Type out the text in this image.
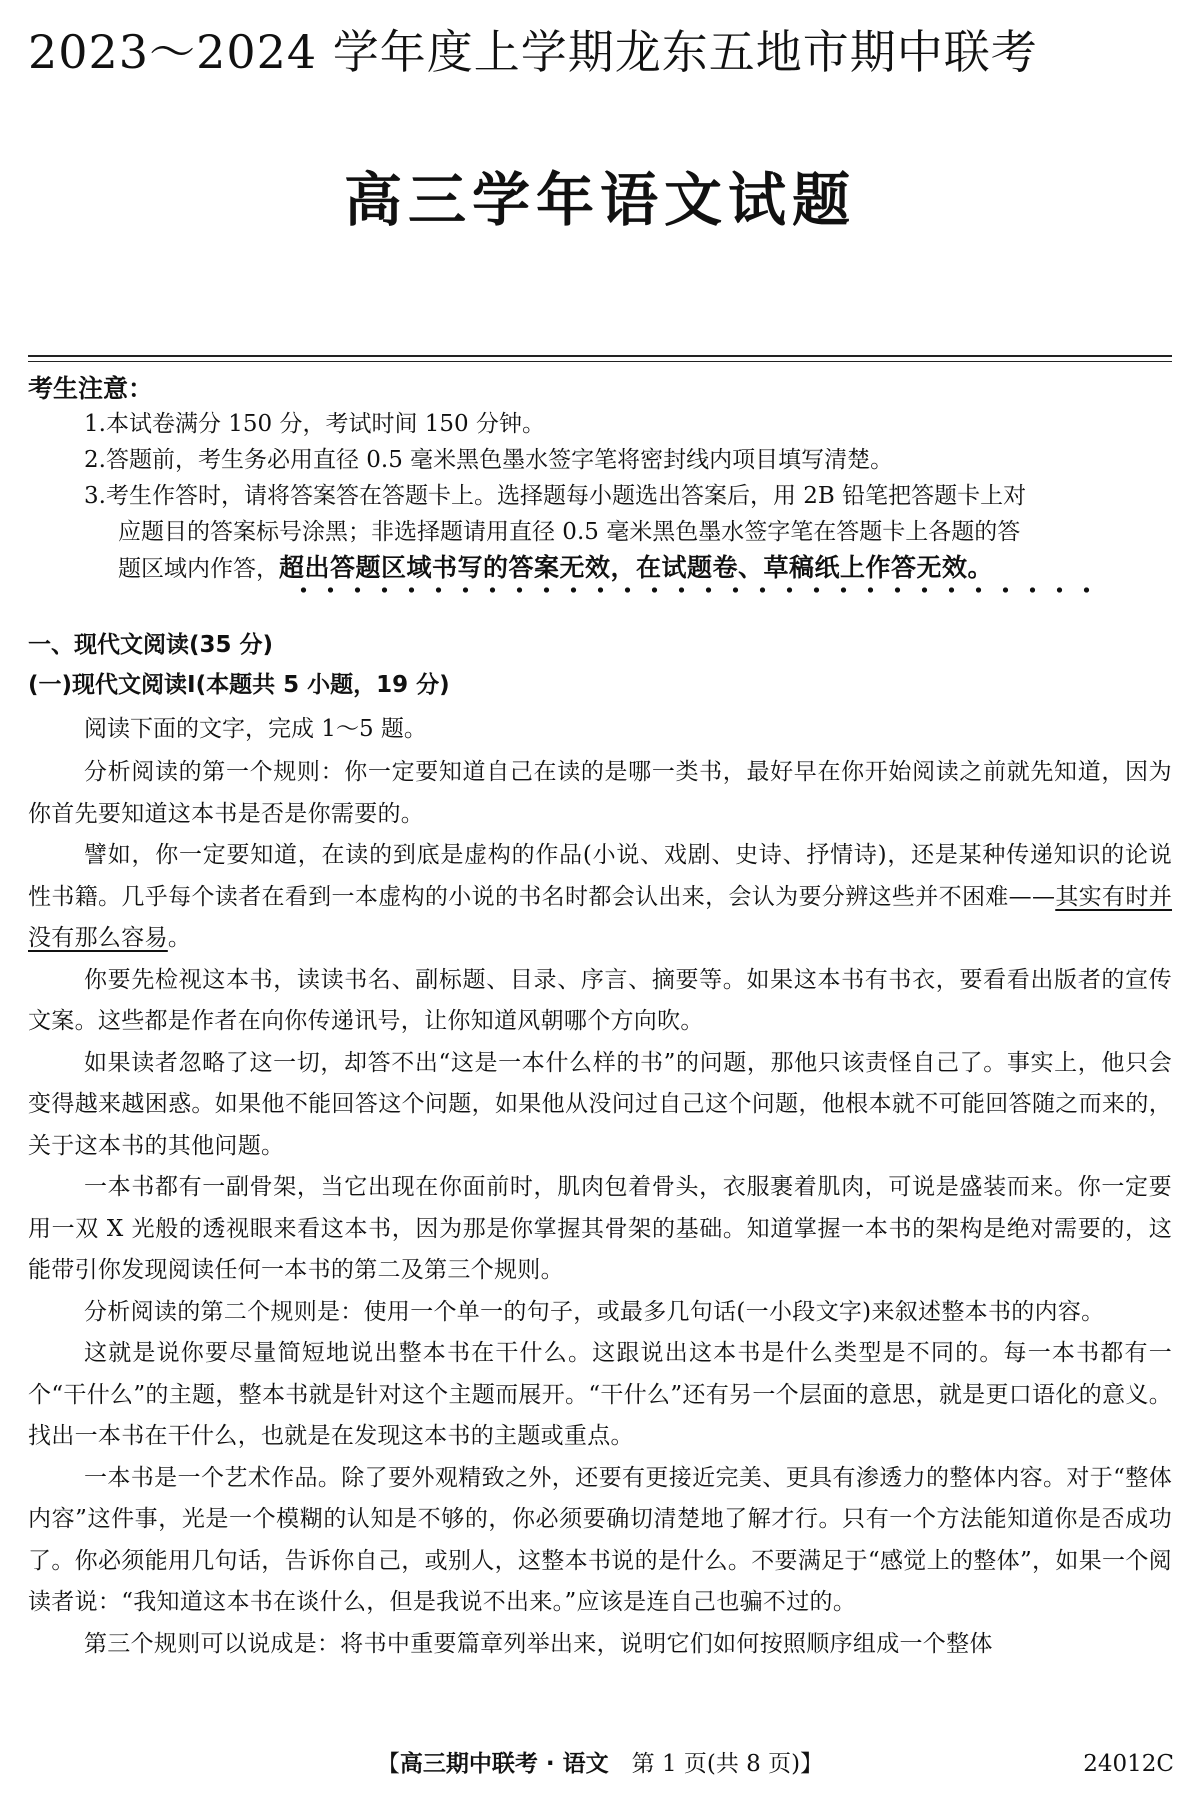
2023～2024 学年度上学期龙东五地市期中联考
高三学年语文试题
考生注意：
1.本试卷满分 150 分，考试时间 150 分钟。
2.答题前，考生务必用直径 0.5 毫米黑色墨水签字笔将密封线内项目填写清楚。
3.考生作答时，请将答案答在答题卡上。选择题每小题选出答案后，用 2B 铅笔把答题卡上对
应题目的答案标号涂黑；非选择题请用直径 0.5 毫米黑色墨水签字笔在答题卡上各题的答
题区域内作答，超出答题区域书写的答案无效，在试题卷、草稿纸上作答无效。
一、现代文阅读(35 分)
(一)现代文阅读Ⅰ(本题共 5 小题，19 分)
阅读下面的文字，完成 1～5 题。

分析阅读的第一个规则：你一定要知道自己在读的是哪一类书，最好早在你开始阅读之前就先知道，因为你首先要知道这本书是否是你需要的。

譬如，你一定要知道，在读的到底是虚构的作品(小说、戏剧、史诗、抒情诗)，还是某种传递知识的论说性书籍。几乎每个读者在看到一本虚构的小说的书名时都会认出来，会认为要分辨这些并不困难——其实有时并没有那么容易。

你要先检视这本书，读读书名、副标题、目录、序言、摘要等。如果这本书有书衣，要看看出版者的宣传文案。这些都是作者在向你传递讯号，让你知道风朝哪个方向吹。

如果读者忽略了这一切，却答不出“这是一本什么样的书”的问题，那他只该责怪自己了。事实上，他只会变得越来越困惑。如果他不能回答这个问题，如果他从没问过自己这个问题，他根本就不可能回答随之而来的，关于这本书的其他问题。

一本书都有一副骨架，当它出现在你面前时，肌肉包着骨头，衣服裹着肌肉，可说是盛装而来。你一定要用一双 X 光般的透视眼来看这本书，因为那是你掌握其骨架的基础。知道掌握一本书的架构是绝对需要的，这能带引你发现阅读任何一本书的第二及第三个规则。

分析阅读的第二个规则是：使用一个单一的句子，或最多几句话(一小段文字)来叙述整本书的内容。

这就是说你要尽量简短地说出整本书在干什么。这跟说出这本书是什么类型是不同的。每一本书都有一个“干什么”的主题，整本书就是针对这个主题而展开。“干什么”还有另一个层面的意思，就是更口语化的意义。找出一本书在干什么，也就是在发现这本书的主题或重点。

一本书是一个艺术作品。除了要外观精致之外，还要有更接近完美、更具有渗透力的整体内容。对于“整体内容”这件事，光是一个模糊的认知是不够的，你必须要确切清楚地了解才行。只有一个方法能知道你是否成功了。你必须能用几句话，告诉你自己，或别人，这整本书说的是什么。不要满足于“感觉上的整体”，如果一个阅读者说：“我知道这本书在谈什么，但是我说不出来。”应该是连自己也骗不过的。

第三个规则可以说成是：将书中重要篇章列举出来，说明它们如何按照顺序组成一个整体

【高三期中联考 · 语文  第 1 页(共 8 页)】	24012C
